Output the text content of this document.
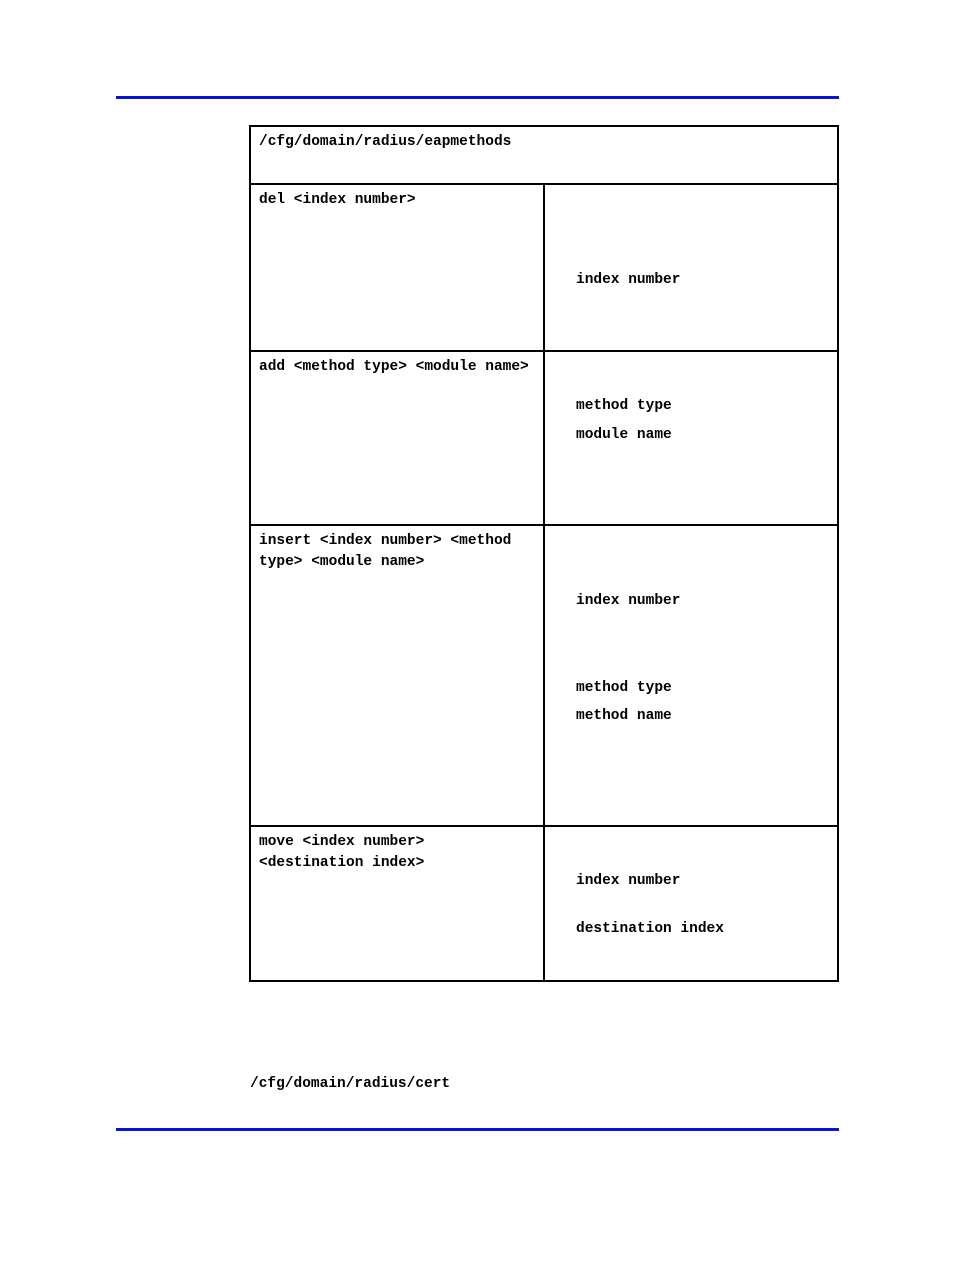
/cfg/domain/radius/eapmethods	

del <index number>	index number

add <method type> <module name>	method type
module name

insert <index number> <method type> <module name>	index number
method type
method name

move <index number> <destination index>	index number
destination index
/cfg/domain/radius/cert
